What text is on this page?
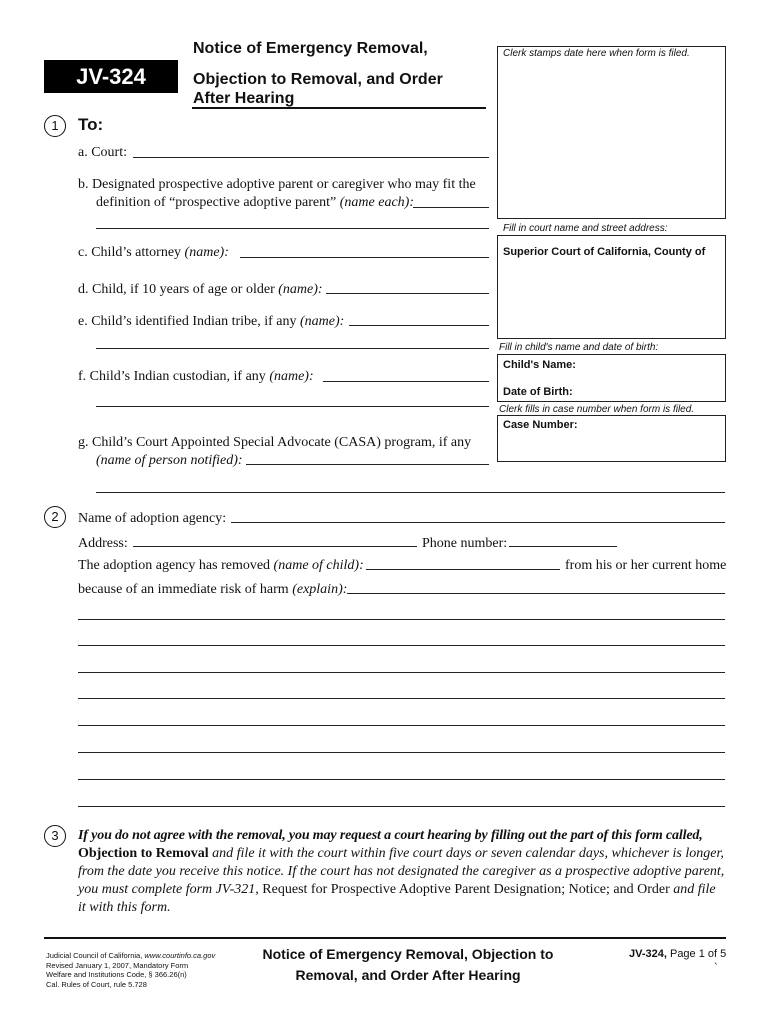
JV-324
Notice of Emergency Removal,
Objection to Removal, and Order
After Hearing
Clerk stamps date here when form is filed.
Fill in court name and street address:
Superior Court of California, County of
Fill in child's name and date of birth:
Child's Name:
Date of Birth:
Clerk fills in case number when form is filed.
Case Number:
1	To:
a. Court:
b. Designated prospective adoptive parent or caregiver who may fit the
definition of “prospective adoptive parent” (name each):
c. Child’s attorney (name):
d. Child, if 10 years of age or older (name):
e. Child’s identified Indian tribe, if any (name):
f. Child’s Indian custodian, if any (name):
g. Child’s Court Appointed Special Advocate (CASA) program, if any
(name of person notified):
2	Name of adoption agency:
Address:	Phone number:
The adoption agency has removed (name of child):	from his or her current home
because of an immediate risk of harm (explain):
3	If you do not agree with the removal, you may request a court hearing by filling out the part of this form called,
Objection to Removal and file it with the court within five court days or seven calendar days, whichever is longer,
from the date you receive this notice. If the court has not designated the caregiver as a prospective adoptive parent,
you must complete form JV-321, Request for Prospective Adoptive Parent Designation; Notice; and Order and file
it with this form.
Judicial Council of California, www.courtinfo.ca.gov
Revised January 1, 2007, Mandatory Form
Welfare and Institutions Code, § 366.26(n)
Cal. Rules of Court, rule 5.728
Notice of Emergency Removal, Objection to
Removal, and Order After Hearing
JV-324, Page 1 of 5
`
